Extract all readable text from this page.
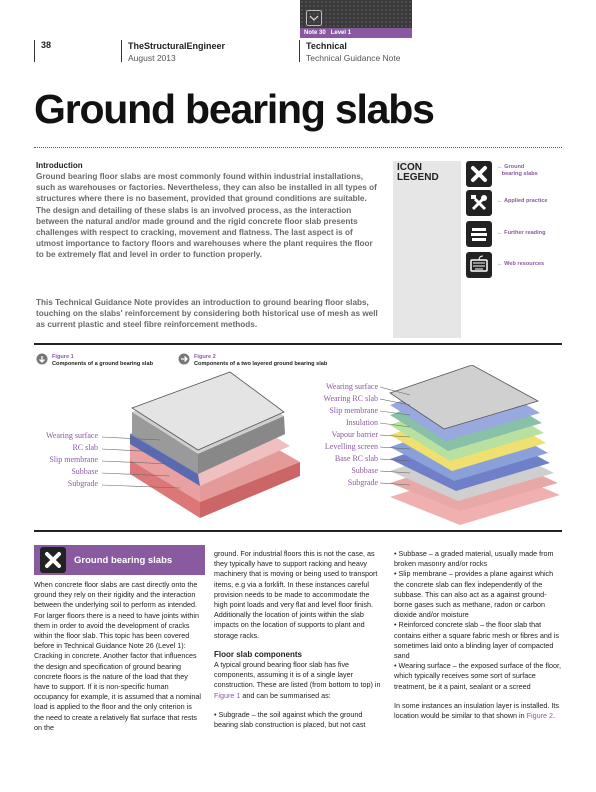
Note 30 Level 1
38	TheStructuralEngineer
August 2013
Technical
Technical Guidance Note
Ground bearing slabs
Introduction
Ground bearing floor slabs are most commonly found within industrial installations, such as warehouses or factories. Nevertheless, they can also be installed in all types of structures where there is no basement, provided that ground conditions are suitable. The design and detailing of these slabs is an involved process, as the interaction between the natural and/or made ground and the rigid concrete floor slab presents challenges with respect to cracking, movement and flatness. The last aspect is of utmost importance to factory floors and warehouses where the plant requires the floor to be extremely flat and level in order to function properly.
This Technical Guidance Note provides an introduction to ground bearing floor slabs, touching on the slabs' reinforcement by considering both historical use of mesh as well as current plastic and steel fibre reinforcement methods.
ICON
LEGEND
← Ground
bearing slabs
← Applied practice
← Further reading
← Web resources
Figure 1
Components of a ground bearing slab
Figure 2
Components of a two layered ground bearing slab
Wearing surface
RC slab
Slip membrane
Subbase
Subgrade
Wearing surface
Wearing RC slab
Slip membrane
Insulation
Vapour barrier
Levelling screen
Base RC slab
Subbase
Subgrade
Ground bearing slabs

When concrete floor slabs are cast directly onto the ground they rely on their rigidity and the interaction between the underlying soil to perform as intended. For larger floors there is a need to have joints within them in order to avoid the development of cracks within the floor slab. This topic has been covered before in Technical Guidance Note 26 (Level 1): Cracking in concrete. Another factor that influences the design and specification of ground bearing concrete floors is the nature of the load that they have to support. If it is non-specific human occupancy for example, it is assumed that a nominal load is applied to the floor and the only criterion is the need to create a relatively flat surface that rests on the

ground. For industrial floors this is not the case, as they typically have to support racking and heavy machinery that is moving or being used to transport items, e.g via a forklift. In these instances careful provision needs to be made to accommodate the high point loads and very flat and level floor finish. Additionally the location of joints within the slab impacts on the location of supports to plant and storage racks.

Floor slab components

A typical ground bearing floor slab has five components, assuming it is of a single layer construction. These are listed (from bottom to top) in Figure 1 and can be summarised as:

• Subgrade – the soil against which the ground bearing slab construction is placed, but not cast

• Subbase – a graded material, usually made from broken masonry and/or rocks

• Slip membrane – provides a plane against which the concrete slab can flex independently of the subbase. This can also act as a against ground-borne gases such as methane, radon or carbon dioxide and/or moisture

• Reinforced concrete slab – the floor slab that contains either a square fabric mesh or fibres and is sometimes laid onto a blinding layer of compacted sand

• Wearing surface – the exposed surface of the floor, which typically receives some sort of surface treatment, be it a paint, sealant or a screed

In some instances an insulation layer is installed. Its location would be similar to that shown in Figure 2.
